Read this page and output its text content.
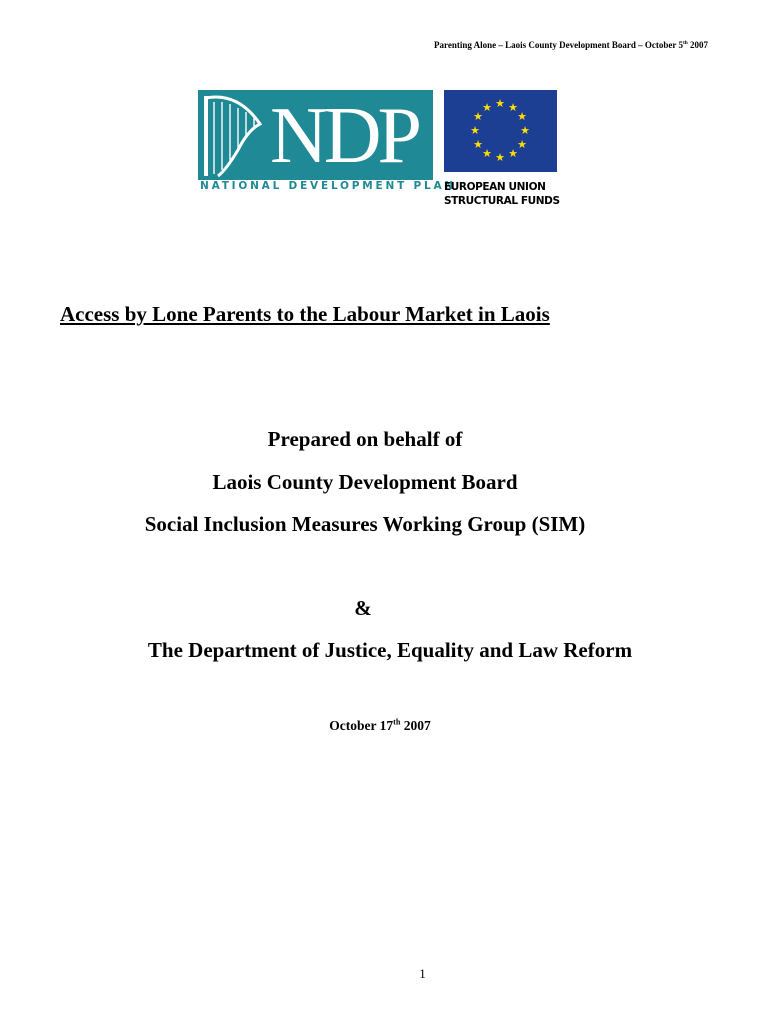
Parenting Alone – Laois County Development Board – October 5th 2007
NDP
NATIONAL DEVELOPMENT PLAN
★ ★
★
★
★
★
★
★
★
★
★
★
EUROPEAN UNION
STRUCTURAL FUNDS
Access by Lone Parents to the Labour Market in Laois
Prepared on behalf of
Laois County Development Board
Social Inclusion Measures Working Group (SIM)
&
The Department of Justice, Equality and Law Reform
October 17th 2007
1
